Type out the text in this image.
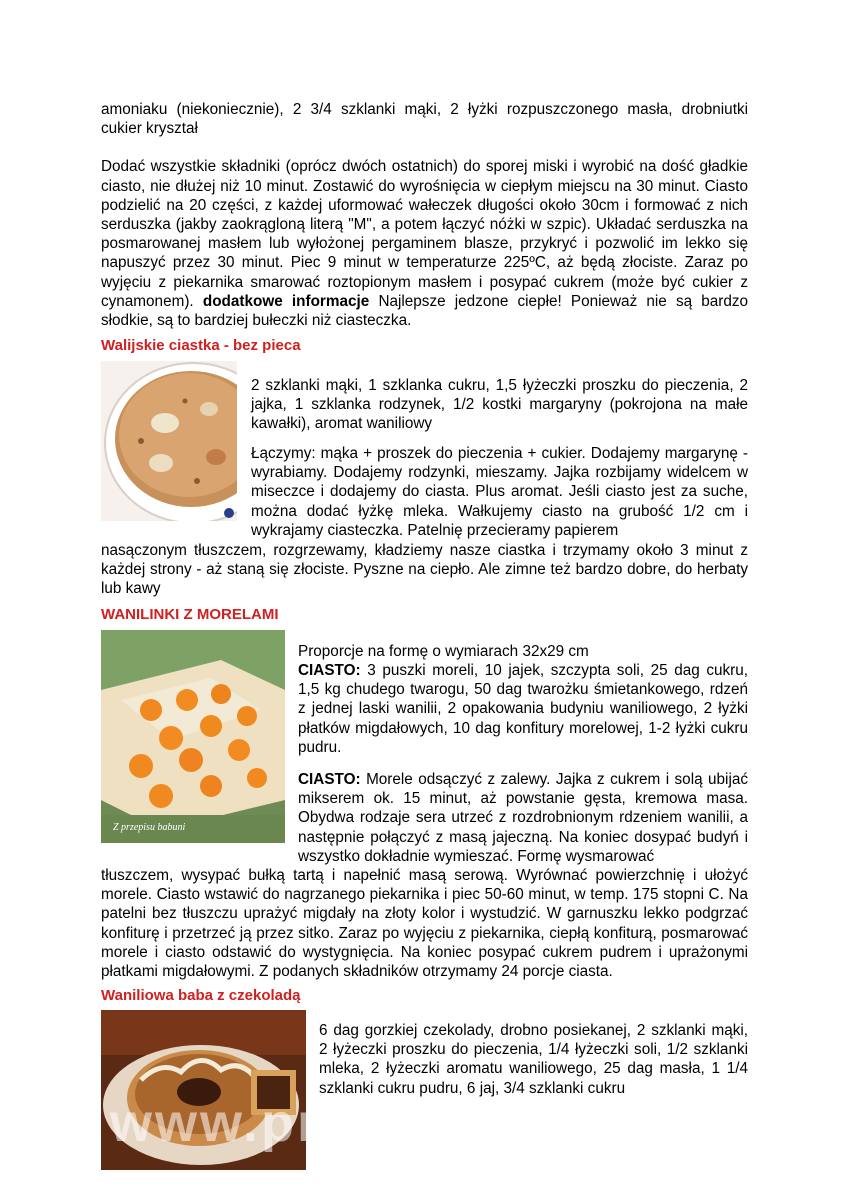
amoniaku (niekoniecznie), 2 3/4 szklanki mąki, 2 łyżki rozpuszczonego masła, drobniutki
cukier kryształ
Dodać wszystkie składniki (oprócz dwóch ostatnich) do sporej miski i wyrobić na dość gładkie ciasto, nie dłużej niż 10 minut. Zostawić do wyrośnięcia w ciepłym miejscu na 30 minut. Ciasto podzielić na 20 części, z każdej uformować wałeczek długości około 30cm i formować z nich serduszka (jakby zaokrągloną literą "M", a potem łączyć nóżki w szpic). Układać serduszka na posmarowanej masłem lub wyłożonej pergaminem blasze, przykryć i pozwolić im lekko się napuszyć przez 30 minut. Piec 9 minut w temperaturze 225ºC, aż będą złociste. Zaraz po wyjęciu z piekarnika smarować roztopionym masłem i posypać cukrem (może być cukier z cynamonem). dodatkowe informacje Najlepsze jedzone ciepłe! Ponieważ nie są bardzo słodkie, są to bardziej bułeczki niż ciasteczka.
Walijskie ciastka - bez pieca
2 szklanki mąki, 1 szklanka cukru, 1,5 łyżeczki proszku do pieczenia, 2 jajka, 1 szklanka rodzynek, 1/2 kostki margaryny (pokrojona na małe kawałki), aromat waniliowy
Łączymy: mąka + proszek do pieczenia + cukier. Dodajemy margarynę - wyrabiamy. Dodajemy rodzynki, mieszamy. Jajka rozbijamy widelcem w miseczce i dodajemy do ciasta. Plus aromat. Jeśli ciasto jest za suche, można dodać łyżkę mleka. Wałkujemy ciasto na grubość 1/2 cm i wykrajamy ciasteczka. Patelnię przecieramy papierem
nasączonym tłuszczem, rozgrzewamy, kładziemy nasze ciastka i trzymamy około 3 minut z każdej strony - aż staną się złociste. Pyszne na ciepło. Ale zimne też bardzo dobre, do herbaty lub kawy
WANILINKI Z MORELAMI
Z przepisu babuni
Proporcje na formę o wymiarach 32x29 cm
CIASTO: 3 puszki moreli, 10 jajek, szczypta soli, 25 dag cukru, 1,5 kg chudego twarogu, 50 dag twarożku śmietankowego, rdzeń z jednej laski wanilii, 2 opakowania budyniu waniliowego, 2 łyżki płatków migdałowych, 10 dag konfitury morelowej, 1-2 łyżki cukru pudru.
CIASTO: Morele odsączyć z zalewy. Jajka z cukrem i solą ubijać mikserem ok. 15 minut, aż powstanie gęsta, kremowa masa. Obydwa rodzaje sera utrzeć z rozdrobnionym rdzeniem wanilii, a następnie połączyć z masą jajeczną. Na koniec dosypać budyń i wszystko dokładnie wymieszać. Formę wysmarować
tłuszczem, wysypać bułką tartą i napełnić masą serową. Wyrównać powierzchnię i ułożyć morele. Ciasto wstawić do nagrzanego piekarnika i piec 50-60 minut, w temp. 175 stopni C. Na patelni bez tłuszczu uprażyć migdały na złoty kolor i wystudzić. W garnuszku lekko podgrzać konfiturę i przetrzeć ją przez sitko. Zaraz po wyjęciu z piekarnika, ciepłą konfiturą, posmarować morele i ciasto odstawić do wystygnięcia. Na koniec posypać cukrem pudrem i uprażonymi płatkami migdałowymi. Z podanych składników otrzymamy 24 porcje ciasta.
Waniliowa baba z czekoladą
6 dag gorzkiej czekolady, drobno posiekanej, 2 szklanki mąki, 2 łyżeczki proszku do pieczenia, 1/4 łyżeczki soli, 1/2 szklanki mleka, 2 łyżeczki aromatu waniliowego, 25 dag masła, 1 1/4 szklanki cukru pudru, 6 jaj, 3/4 szklanki cukru
www.przepisydomowe.pl
